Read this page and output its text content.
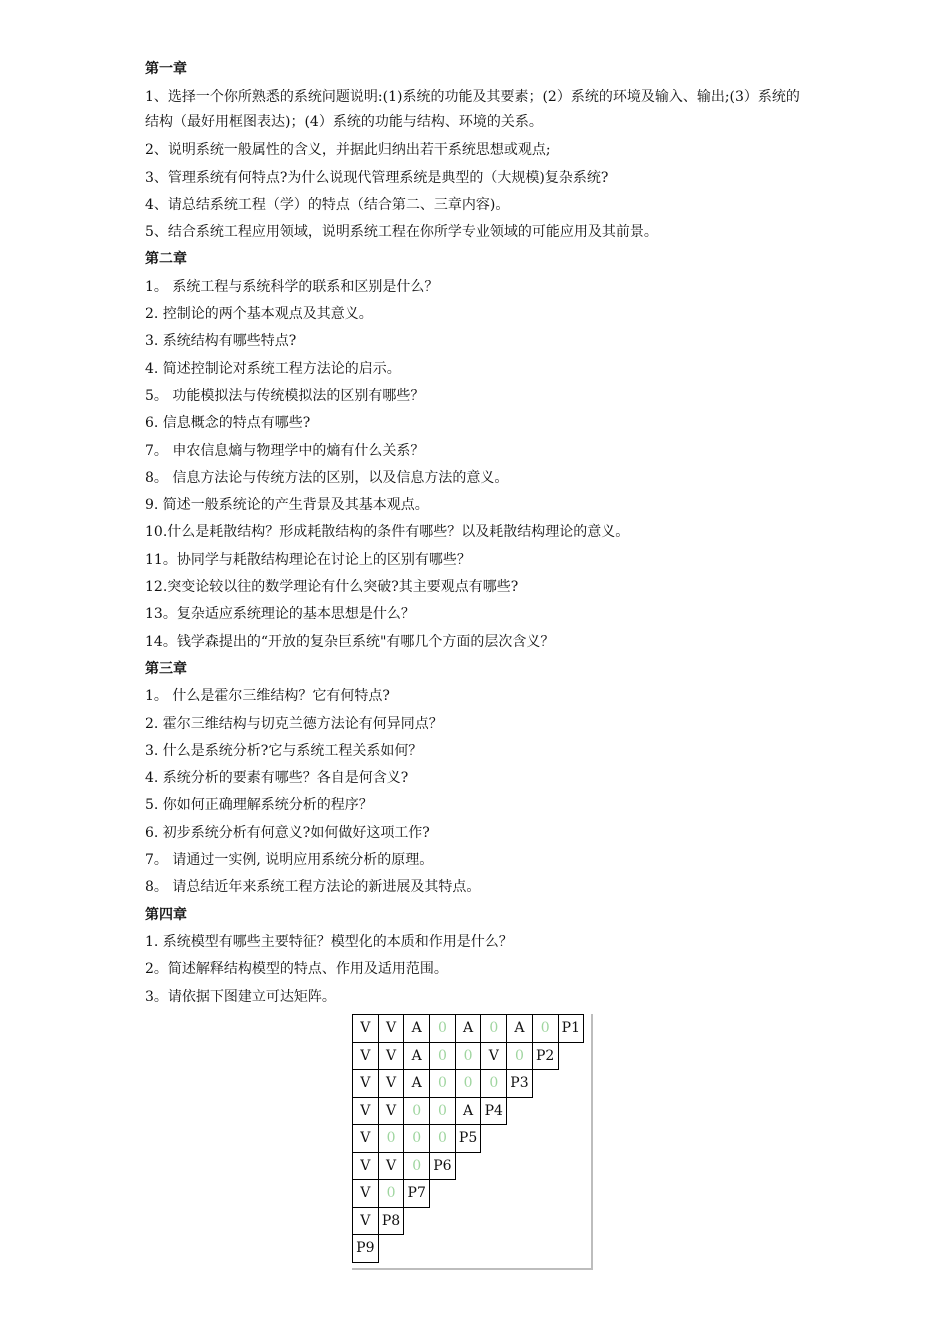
第一章
1、选择一个你所熟悉的系统问题说明:(1)系统的功能及其要素；(2）系统的环境及输入、输出;(3）系统的结构（最好用框图表达)；(4）系统的功能与结构、环境的关系。
2、说明系统一般属性的含义，并据此归纳出若干系统思想或观点;
3、管理系统有何特点?为什么说现代管理系统是典型的（大规模)复杂系统?
4、请总结系统工程（学）的特点（结合第二、三章内容)。
5、结合系统工程应用领域，说明系统工程在你所学专业领域的可能应用及其前景。
第二章
1。 系统工程与系统科学的联系和区别是什么？
2. 控制论的两个基本观点及其意义。
3. 系统结构有哪些特点?
4. 简述控制论对系统工程方法论的启示。
5。 功能模拟法与传统模拟法的区别有哪些？
6. 信息概念的特点有哪些?
7。 申农信息熵与物理学中的熵有什么关系？
8。 信息方法论与传统方法的区别，以及信息方法的意义。
9. 简述一般系统论的产生背景及其基本观点。
10.什么是耗散结构？形成耗散结构的条件有哪些？以及耗散结构理论的意义。
11。协同学与耗散结构理论在讨论上的区别有哪些？
12.突变论较以往的数学理论有什么突破?其主要观点有哪些?
13。复杂适应系统理论的基本思想是什么？
14。钱学森提出的“开放的复杂巨系统"有哪几个方面的层次含义？
第三章
1。 什么是霍尔三维结构？它有何特点?
2. 霍尔三维结构与切克兰德方法论有何异同点？
3. 什么是系统分析?它与系统工程关系如何？
4. 系统分析的要素有哪些？各自是何含义?
5. 你如何正确理解系统分析的程序？
6. 初步系统分析有何意义?如何做好这项工作?
7。 请通过一实例, 说明应用系统分析的原理。
8。 请总结近年来系统工程方法论的新进展及其特点。
第四章
1. 系统模型有哪些主要特征？模型化的本质和作用是什么？
2。简述解释结构模型的特点、作用及适用范围。
3。请依据下图建立可达矩阵。
V	V	A	0	A	0	A	0 P1
V	V	A	0	0	V	0 P2
V	V	A	0	0	0 P3
V	V	0	0	A P4
V	0	0	0 P5
V	V	0 P6
V	0 P7
V P8
P9
